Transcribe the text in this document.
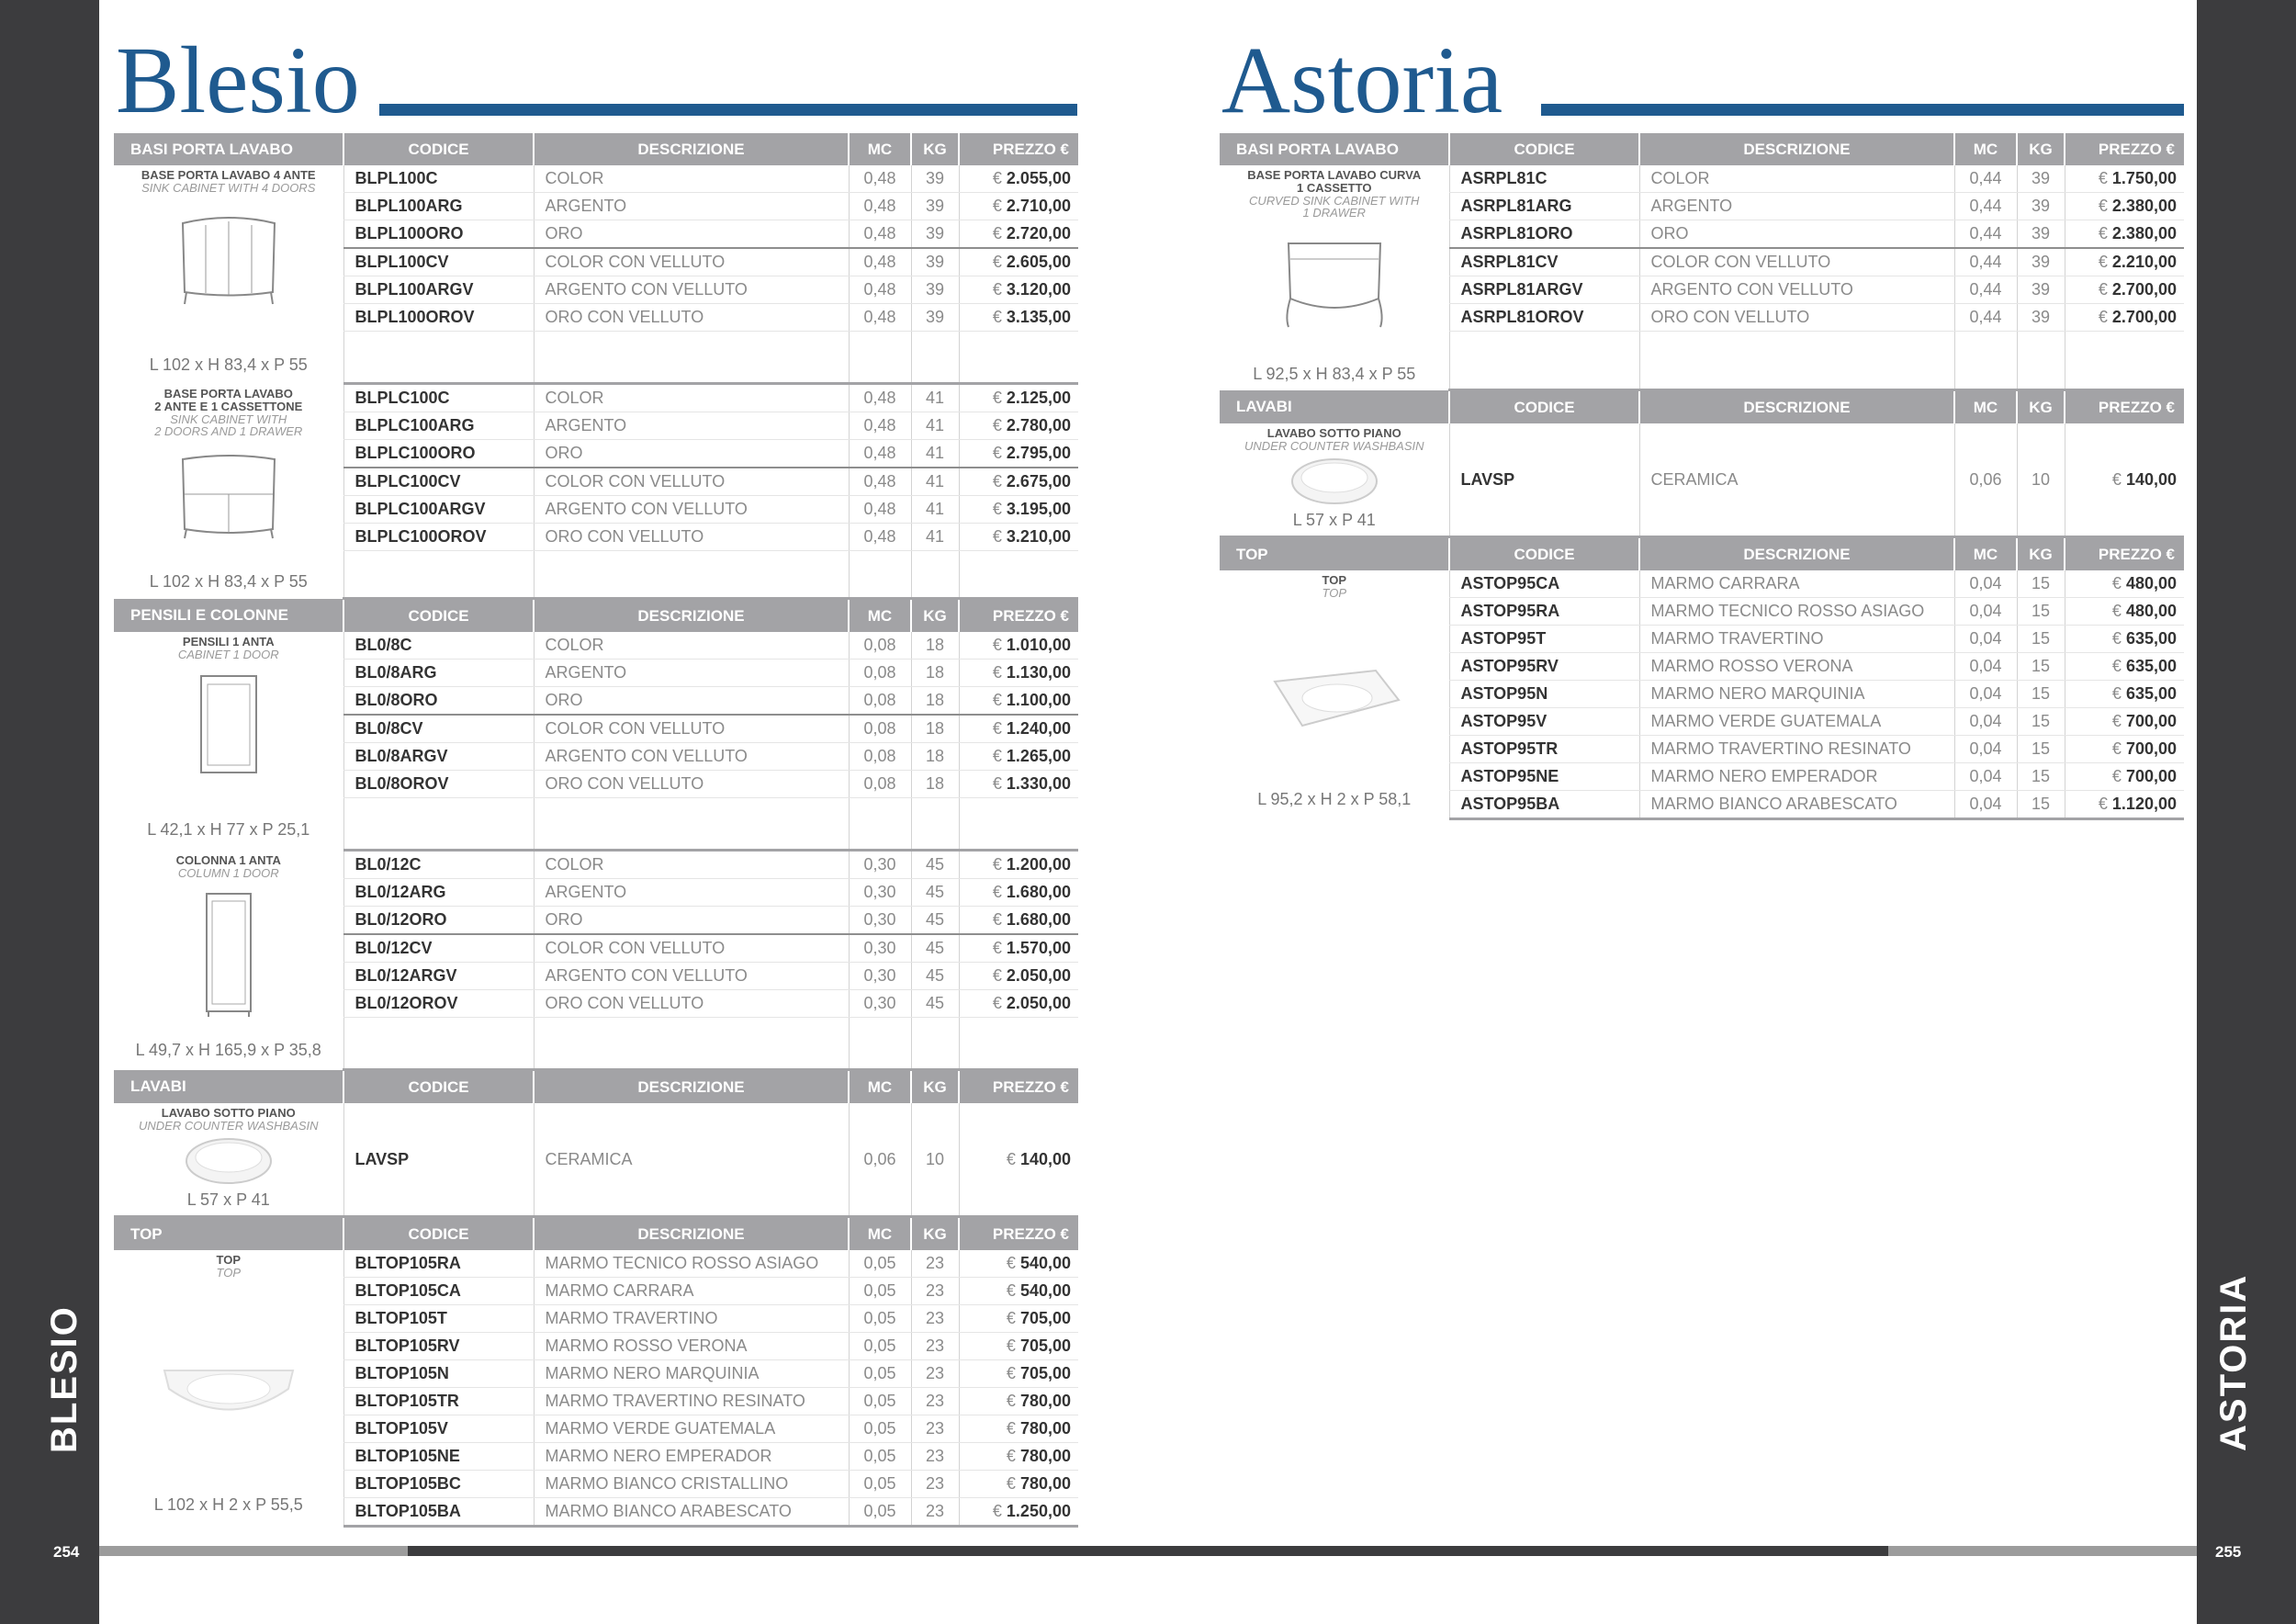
BLESIO	ASTORIA
254	255
Blesio	Astoria
BASI PORTA LAVABO	CODICE	DESCRIZIONE	MC	KG	PREZZO €

BASE PORTA LAVABO 4 ANTE
SINK CABINET WITH 4 DOORS
L 102 x H 83,4 x P 55	BLPL100C	COLOR	0,48	39	€ 2.055,00
	BLPL100ARG	ARGENTO	0,48	39	€ 2.710,00
	BLPL100ORO	ORO	0,48	39	€ 2.720,00
	BLPL100CV	COLOR CON VELLUTO	0,48	39	€ 2.605,00
	BLPL100ARGV	ARGENTO CON VELLUTO	0,48	39	€ 3.120,00
	BLPL100OROV	ORO CON VELLUTO	0,48	39	€ 3.135,00

BASE PORTA LAVABO
2 ANTE E 1 CASSETTONE
SINK CABINET WITH
2 DOORS AND 1 DRAWER
L 102 x H 83,4 x P 55	BLPLC100C	COLOR	0,48	41	€ 2.125,00
	BLPLC100ARG	ARGENTO	0,48	41	€ 2.780,00
	BLPLC100ORO	ORO	0,48	41	€ 2.795,00
	BLPLC100CV	COLOR CON VELLUTO	0,48	41	€ 2.675,00
	BLPLC100ARGV	ARGENTO CON VELLUTO	0,48	41	€ 3.195,00
	BLPLC100OROV	ORO CON VELLUTO	0,48	41	€ 3.210,00

PENSILI E COLONNE	CODICE	DESCRIZIONE	MC	KG	PREZZO €

PENSILI 1 ANTA
CABINET 1 DOOR
L 42,1 x H 77 x P 25,1	BL0/8C	COLOR	0,08	18	€ 1.010,00
	BL0/8ARG	ARGENTO	0,08	18	€ 1.130,00
	BL0/8ORO	ORO	0,08	18	€ 1.100,00
	BL0/8CV	COLOR CON VELLUTO	0,08	18	€ 1.240,00
	BL0/8ARGV	ARGENTO CON VELLUTO	0,08	18	€ 1.265,00
	BL0/8OROV	ORO CON VELLUTO	0,08	18	€ 1.330,00

COLONNA 1 ANTA
COLUMN 1 DOOR
L 49,7 x H 165,9 x P 35,8	BL0/12C	COLOR	0,30	45	€ 1.200,00
	BL0/12ARG	ARGENTO	0,30	45	€ 1.680,00
	BL0/12ORO	ORO	0,30	45	€ 1.680,00
	BL0/12CV	COLOR CON VELLUTO	0,30	45	€ 1.570,00
	BL0/12ARGV	ARGENTO CON VELLUTO	0,30	45	€ 2.050,00
	BL0/12OROV	ORO CON VELLUTO	0,30	45	€ 2.050,00

LAVABI	CODICE	DESCRIZIONE	MC	KG	PREZZO €

LAVABO SOTTO PIANO
UNDER COUNTER WASHBASIN
L 57 x P 41	LAVSP	CERAMICA	0,06	10	€ 140,00
TOP	CODICE	DESCRIZIONE	MC	KG	PREZZO €

TOP
TOP
L 102 x H 2 x P 55,5	BLTOP105RA	MARMO TECNICO ROSSO ASIAGO	0,05	23	€ 540,00
	BLTOP105CA	MARMO CARRARA	0,05	23	€ 540,00
	BLTOP105T	MARMO TRAVERTINO	0,05	23	€ 705,00
	BLTOP105RV	MARMO ROSSO VERONA	0,05	23	€ 705,00
	BLTOP105N	MARMO NERO MARQUINIA	0,05	23	€ 705,00
	BLTOP105TR	MARMO TRAVERTINO RESINATO	0,05	23	€ 780,00
	BLTOP105V	MARMO VERDE GUATEMALA	0,05	23	€ 780,00
	BLTOP105NE	MARMO NERO EMPERADOR	0,05	23	€ 780,00
	BLTOP105BC	MARMO BIANCO CRISTALLINO	0,05	23	€ 780,00
	BLTOP105BA	MARMO BIANCO ARABESCATO	0,05	23	€ 1.250,00
BASI PORTA LAVABO	CODICE	DESCRIZIONE	MC	KG	PREZZO €

BASE PORTA LAVABO CURVA
1 CASSETTO
CURVED SINK CABINET WITH
1 DRAWER
L 92,5 x H 83,4 x P 55	ASRPL81C	COLOR	0,44	39	€ 1.750,00
	ASRPL81ARG	ARGENTO	0,44	39	€ 2.380,00
	ASRPL81ORO	ORO	0,44	39	€ 2.380,00
	ASRPL81CV	COLOR CON VELLUTO	0,44	39	€ 2.210,00
	ASRPL81ARGV	ARGENTO CON VELLUTO	0,44	39	€ 2.700,00
	ASRPL81OROV	ORO CON VELLUTO	0,44	39	€ 2.700,00

LAVABI	CODICE	DESCRIZIONE	MC	KG	PREZZO €

LAVABO SOTTO PIANO
UNDER COUNTER WASHBASIN
L 57 x P 41	LAVSP	CERAMICA	0,06	10	€ 140,00
TOP	CODICE	DESCRIZIONE	MC	KG	PREZZO €

TOP
TOP
L 95,2 x H 2 x P 58,1	ASTOP95CA	MARMO CARRARA	0,04	15	€ 480,00
	ASTOP95RA	MARMO TECNICO ROSSO ASIAGO	0,04	15	€ 480,00
	ASTOP95T	MARMO TRAVERTINO	0,04	15	€ 635,00
	ASTOP95RV	MARMO ROSSO VERONA	0,04	15	€ 635,00
	ASTOP95N	MARMO NERO MARQUINIA	0,04	15	€ 635,00
	ASTOP95V	MARMO VERDE GUATEMALA	0,04	15	€ 700,00
	ASTOP95TR	MARMO TRAVERTINO RESINATO	0,04	15	€ 700,00
	ASTOP95NE	MARMO NERO EMPERADOR	0,04	15	€ 700,00
	ASTOP95BA	MARMO BIANCO ARABESCATO	0,04	15	€ 1.120,00
